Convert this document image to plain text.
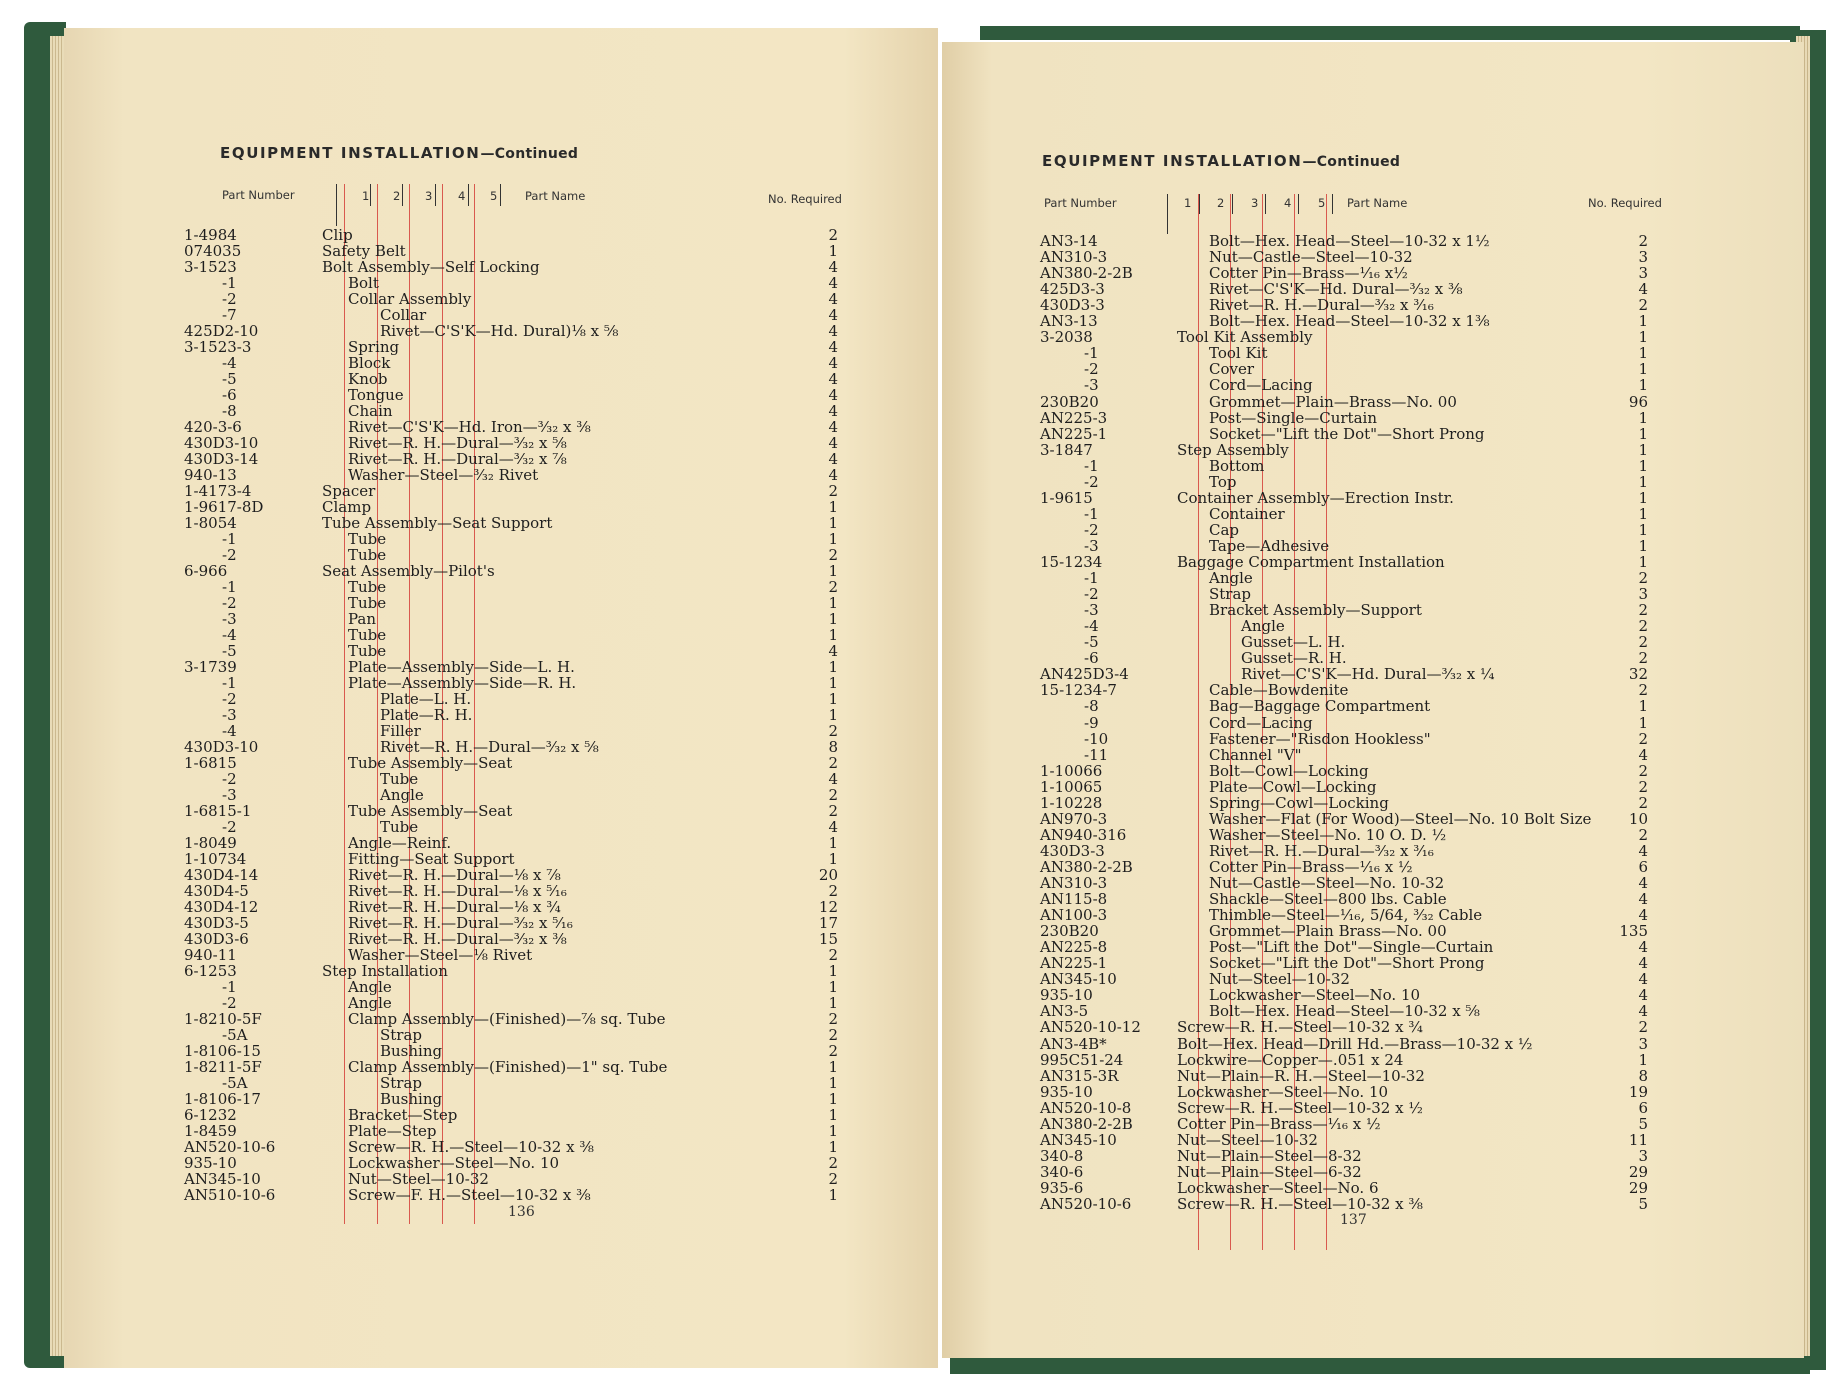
EQUIPMENT INSTALLATION—Continued
Part Number	1 2 3 4 5 Part Name	No. Required
1-4984	Clip	2
074035	Safety Belt	1
3-1523	Bolt Assembly—Self Locking	4
-1	Bolt	4
-2	Collar Assembly	4
-7	Collar	4
425D2-10	Rivet—C'S'K—Hd. Dural)⅛ x ⅝	4
3-1523-3	Spring	4
-4	Block	4
-5	Knob	4
-6	Tongue	4
-8	Chain	4
420-3-6	Rivet—C'S'K—Hd. Iron—³⁄₃₂ x ⅜	4
430D3-10	Rivet—R. H.—Dural—³⁄₃₂ x ⅝	4
430D3-14	Rivet—R. H.—Dural—³⁄₃₂ x ⅞	4
940-13	Washer—Steel—³⁄₃₂ Rivet	4
1-4173-4	Spacer	2
1-9617-8D	Clamp	1
1-8054	Tube Assembly—Seat Support	1
-1	Tube	1
-2	Tube	2
6-966	Seat Assembly—Pilot's	1
-1	Tube	2
-2	Tube	1
-3	Pan	1
-4	Tube	1
-5	Tube	4
3-1739	Plate—Assembly—Side—L. H.	1
-1	Plate—Assembly—Side—R. H.	1
-2	Plate—L. H.	1
-3	Plate—R. H.	1
-4	Filler	2
430D3-10	Rivet—R. H.—Dural—³⁄₃₂ x ⅝	8
1-6815	Tube Assembly—Seat	2
-2	Tube	4
-3	Angle	2
1-6815-1	Tube Assembly—Seat	2
-2	Tube	4
1-8049	Angle—Reinf.	1
1-10734	Fitting—Seat Support	1
430D4-14	Rivet—R. H.—Dural—⅛ x ⅞	20
430D4-5	Rivet—R. H.—Dural—⅛ x ⁵⁄₁₆	2
430D4-12	Rivet—R. H.—Dural—⅛ x ¾	12
430D3-5	Rivet—R. H.—Dural—³⁄₃₂ x ⁵⁄₁₆	17
430D3-6	Rivet—R. H.—Dural—³⁄₃₂ x ⅜	15
940-11	Washer—Steel—⅛ Rivet	2
6-1253	Step Installation	1
-1	Angle	1
-2	Angle	1
1-8210-5F	Clamp Assembly—(Finished)—⅞ sq. Tube	2
-5A	Strap	2
1-8106-15	Bushing	2
1-8211-5F	Clamp Assembly—(Finished)—1" sq. Tube	1
-5A	Strap	1
1-8106-17	Bushing	1
6-1232	Bracket—Step	1
1-8459	Plate—Step	1
AN520-10-6	Screw—R. H.—Steel—10-32 x ⅜	1
935-10	Lockwasher—Steel—No. 10	2
AN345-10	Nut—Steel—10-32	2
AN510-10-6	Screw—F. H.—Steel—10-32 x ⅜	1
136
EQUIPMENT INSTALLATION—Continued
Part Number	1 2 3 4 5 Part Name	No. Required
AN3-14	Bolt—Hex. Head—Steel—10-32 x 1½	2
AN310-3	Nut—Castle—Steel—10-32	3
AN380-2-2B	Cotter Pin—Brass—⅟₁₆ x½	3
425D3-3	Rivet—C'S'K—Hd. Dural—³⁄₃₂ x ⅜	4
430D3-3	Rivet—R. H.—Dural—³⁄₃₂ x ³⁄₁₆	2
AN3-13	Bolt—Hex. Head—Steel—10-32 x 1⅜	1
3-2038	Tool Kit Assembly	1
-1	Tool Kit	1
-2	Cover	1
-3	Cord—Lacing	1
230B20	Grommet—Plain—Brass—No. 00	96
AN225-3	Post—Single—Curtain	1
AN225-1	Socket—"Lift the Dot"—Short Prong	1
3-1847	Step Assembly	1
-1	Bottom	1
-2	Top	1
1-9615	Container Assembly—Erection Instr.	1
-1	Container	1
-2	Cap	1
-3	Tape—Adhesive	1
15-1234	Baggage Compartment Installation	1
-1	Angle	2
-2	Strap	3
-3	Bracket Assembly—Support	2
-4	Angle	2
-5	Gusset—L. H.	2
-6	Gusset—R. H.	2
AN425D3-4	Rivet—C'S'K—Hd. Dural—³⁄₃₂ x ¼	32
15-1234-7	Cable—Bowdenite	2
-8	Bag—Baggage Compartment	1
-9	Cord—Lacing	1
-10	Fastener—"Risdon Hookless"	2
-11	Channel "V"	4
1-10066	Bolt—Cowl—Locking	2
1-10065	Plate—Cowl—Locking	2
1-10228	Spring—Cowl—Locking	2
AN970-3	Washer—Flat (For Wood)—Steel—No. 10 Bolt Size	10
AN940-316	Washer—Steel—No. 10 O. D. ½	2
430D3-3	Rivet—R. H.—Dural—³⁄₃₂ x ³⁄₁₆	4
AN380-2-2B	Cotter Pin—Brass—⅟₁₆ x ½	6
AN310-3	Nut—Castle—Steel—No. 10-32	4
AN115-8	Shackle—Steel—800 lbs. Cable	4
AN100-3	Thimble—Steel—⅟₁₆, 5/64, ³⁄₃₂ Cable	4
230B20	Grommet—Plain Brass—No. 00	135
AN225-8	Post—"Lift the Dot"—Single—Curtain	4
AN225-1	Socket—"Lift the Dot"—Short Prong	4
AN345-10	Nut—Steel—10-32	4
935-10	Lockwasher—Steel—No. 10	4
AN3-5	Bolt—Hex. Head—Steel—10-32 x ⅝	4
AN520-10-12 Screw—R. H.—Steel—10-32 x ¾	2
AN3-4B*	Bolt—Hex. Head—Drill Hd.—Brass—10-32 x ½	3
995C51-24	Lockwire—Copper—.051 x 24	1
AN315-3R	Nut—Plain—R. H.—Steel—10-32	8
935-10	Lockwasher—Steel—No. 10	19
AN520-10-8	Screw—R. H.—Steel—10-32 x ½	6
AN380-2-2B	Cotter Pin—Brass—⅟₁₆ x ½	5
AN345-10	Nut—Steel—10-32	11
340-8	Nut—Plain—Steel—8-32	3
340-6	Nut—Plain—Steel—6-32	29
935-6	Lockwasher—Steel—No. 6	29
AN520-10-6	Screw—R. H.—Steel—10-32 x ⅜	5
137
